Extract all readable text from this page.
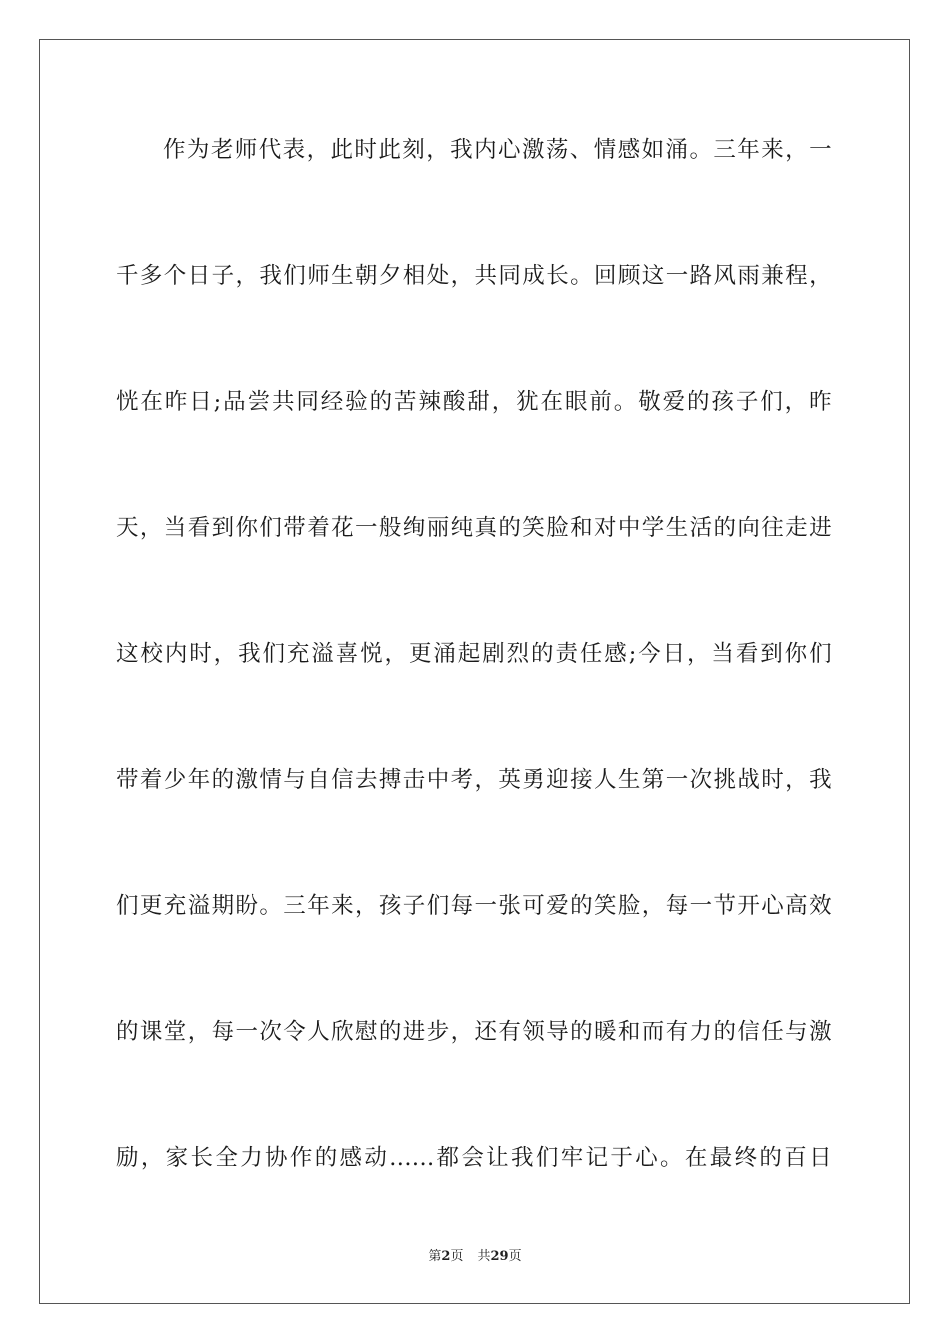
作为老师代表，此时此刻，我内心激荡、情感如涌。三年来，一
千多个日子，我们师生朝夕相处，共同成长。回顾这一路风雨兼程，
恍在昨日;品尝共同经验的苦辣酸甜，犹在眼前。敬爱的孩子们，昨
天，当看到你们带着花一般绚丽纯真的笑脸和对中学生活的向往走进
这校内时，我们充溢喜悦，更涌起剧烈的责任感;今日，当看到你们
带着少年的激情与自信去搏击中考，英勇迎接人生第一次挑战时，我
们更充溢期盼。三年来，孩子们每一张可爱的笑脸，每一节开心高效
的课堂，每一次令人欣慰的进步，还有领导的暖和而有力的信任与激
励，家长全力协作的感动......都会让我们牢记于心。在最终的百日
第2页 共29页
